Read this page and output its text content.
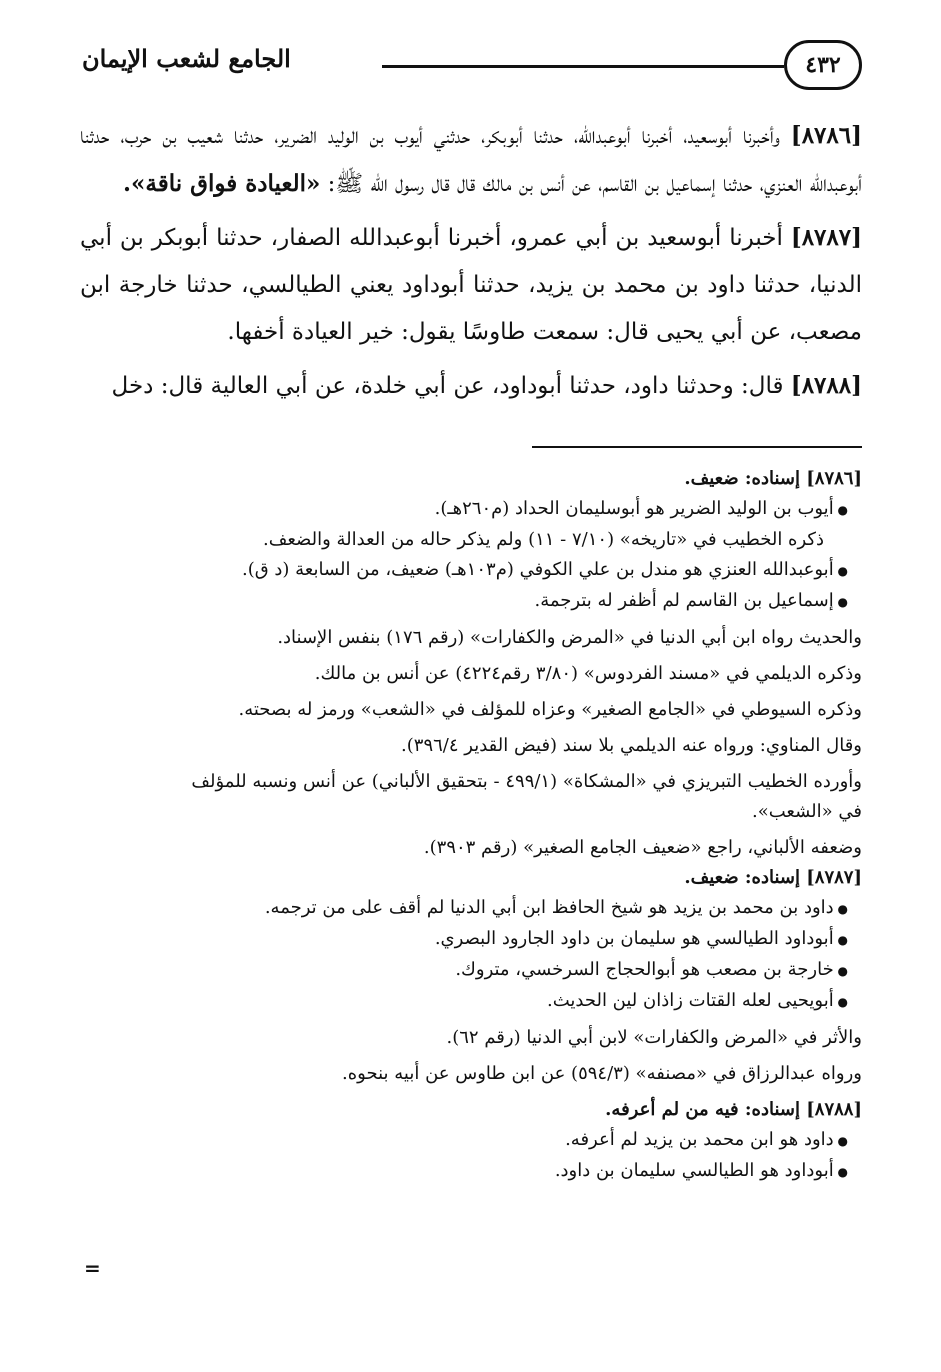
٤٣٢
الجامع لشعب الإيمان

[٨٧٨٦] وأخبرنا أبوسعيد، أخبرنا أبوعبدالله، حدثنا أبوبكر، حدثني أيوب بن الوليد الضرير، حدثنا شعيب بن حرب، حدثنا أبوعبدالله العنزي، حدثنا إسماعيل بن القاسم، عن أنس بن مالك قال قال رسول الله ﷺ: «العيادة فواق ناقة».

[٨٧٨٧] أخبرنا أبوسعيد بن أبي عمرو، أخبرنا أبوعبدالله الصفار، حدثنا أبوبكر بن أبي الدنيا، حدثنا داود بن محمد بن يزيد، حدثنا أبوداود يعني الطيالسي، حدثنا خارجة ابن مصعب، عن أبي يحيى قال: سمعت طاوسًا يقول: خير العيادة أخفها.

[٨٧٨٨] قال: وحدثنا داود، حدثنا أبوداود، عن أبي خلدة، عن أبي العالية قال: دخل

[٨٧٨٦] إسناده: ضعيف.

● أيوب بن الوليد الضرير هو أبوسليمان الحداد (م٢٦٠هـ).

ذكره الخطيب في «تاريخه» (٧/١٠ - ١١) ولم يذكر حاله من العدالة والضعف.

● أبوعبدالله العنزي هو مندل بن علي الكوفي (م١٠٣هـ) ضعيف، من السابعة (د ق).

● إسماعيل بن القاسم لم أظفر له بترجمة.

والحديث رواه ابن أبي الدنيا في «المرض والكفارات» (رقم ١٧٦) بنفس الإسناد.

وذكره الديلمي في «مسند الفردوس» (٣/٨٠ رقم٤٢٢٤) عن أنس بن مالك.

وذكره السيوطي في «الجامع الصغير» وعزاه للمؤلف في «الشعب» ورمز له بصحته.

وقال المناوي: ورواه عنه الديلمي بلا سند (فيض القدير ٣٩٦/٤).

وأورده الخطيب التبريزي في «المشكاة» (٤٩٩/١ - بتحقيق الألباني) عن أنس ونسبه للمؤلف

في «الشعب».

وضعفه الألباني، راجع «ضعيف الجامع الصغير» (رقم ٣٩٠٣).

[٨٧٨٧] إسناده: ضعيف.

● داود بن محمد بن يزيد هو شيخ الحافظ ابن أبي الدنيا لم أقف على من ترجمه.

● أبوداود الطيالسي هو سليمان بن داود الجارود البصري.

● خارجة بن مصعب هو أبوالحجاج السرخسي، متروك.

● أبويحيى لعله القتات زاذان لين الحديث.

والأثر في «المرض والكفارات» لابن أبي الدنيا (رقم ٦٢).

ورواه عبدالرزاق في «مصنفه» (٥٩٤/٣) عن ابن طاوس عن أبيه بنحوه.

[٨٧٨٨] إسناده: فيه من لم أعرفه.

● داود هو ابن محمد بن يزيد لم أعرفه.

● أبوداود هو الطيالسي سليمان بن داود.

=
